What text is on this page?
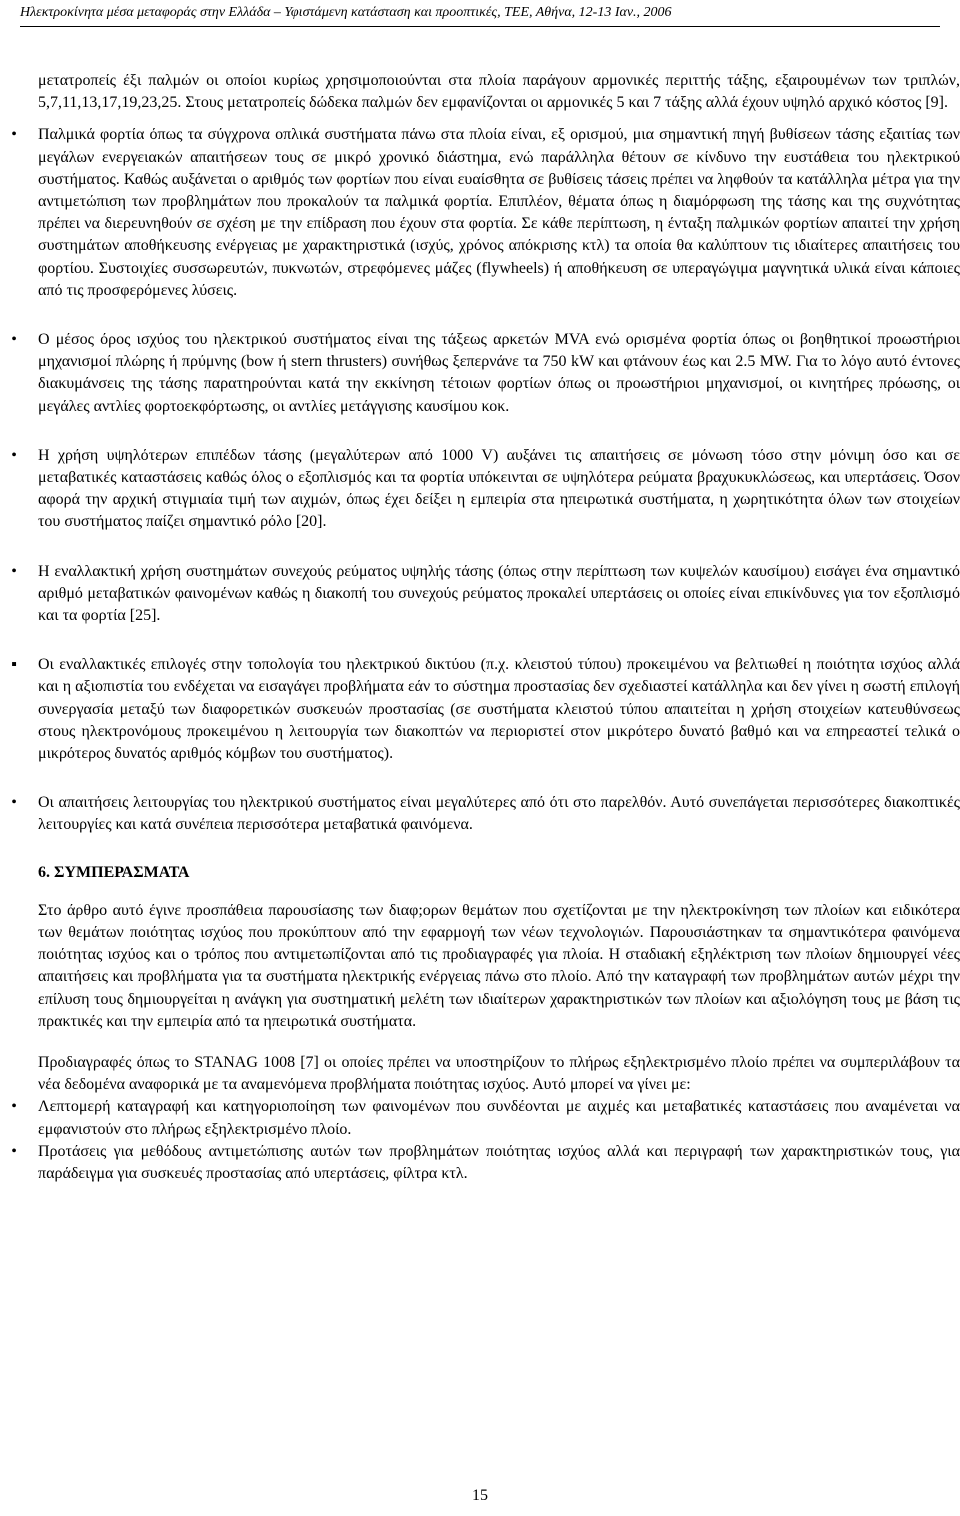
Ηλεκτροκίνητα μέσα μεταφοράς στην Ελλάδα – Υφιστάμενη κατάσταση και προοπτικές, ΤΕΕ, Αθήνα, 12-13 Ιαν., 2006

μετατροπείς έξι παλμών οι οποίοι κυρίως χρησιμοποιούνται στα πλοία παράγουν αρμονικές περιττής τάξης, εξαιρουμένων των τριπλών, 5,7,11,13,17,19,23,25. Στους μετατροπείς δώδεκα παλμών δεν εμφανίζονται οι αρμονικές 5 και 7 τάξης αλλά έχουν υψηλό αρχικό κόστος [9].

•	Παλμικά φορτία όπως τα σύγχρονα οπλικά συστήματα πάνω στα πλοία είναι, εξ ορισμού, μια σημαντική πηγή βυθίσεων τάσης εξαιτίας των μεγάλων ενεργειακών απαιτήσεων τους σε μικρό χρονικό διάστημα, ενώ παράλληλα θέτουν σε κίνδυνο την ευστάθεια του ηλεκτρικού συστήματος. Καθώς αυξάνεται ο αριθμός των φορτίων που είναι ευαίσθητα σε βυθίσεις τάσεις πρέπει να ληφθούν τα κατάλληλα μέτρα για την αντιμετώπιση των προβλημάτων που προκαλούν τα παλμικά φορτία. Επιπλέον, θέματα όπως η διαμόρφωση της τάσης και της συχνότητας πρέπει να διερευνηθούν σε σχέση με την επίδραση που έχουν στα φορτία. Σε κάθε περίπτωση, η ένταξη παλμικών φορτίων απαιτεί την χρήση συστημάτων αποθήκευσης ενέργειας με χαρακτηριστικά (ισχύς, χρόνος απόκρισης κτλ) τα οποία θα καλύπτουν τις ιδιαίτερες απαιτήσεις του φορτίου. Συστοιχίες συσσωρευτών, πυκνωτών, στρεφόμενες μάζες (flywheels) ή αποθήκευση σε υπεραγώγιμα μαγνητικά υλικά είναι κάποιες από τις προσφερόμενες λύσεις.
•	Ο μέσος όρος ισχύος του ηλεκτρικού συστήματος είναι της τάξεως αρκετών MVA ενώ ορισμένα φορτία όπως οι βοηθητικοί προωστήριοι μηχανισμοί πλώρης ή πρύμνης (bow ή stern thrusters) συνήθως ξεπερνάνε τα 750 kW και φτάνουν έως και 2.5 MW. Για το λόγο αυτό έντονες διακυμάνσεις της τάσης παρατηρούνται κατά την εκκίνηση τέτοιων φορτίων όπως οι προωστήριοι μηχανισμοί, οι κινητήρες πρόωσης, οι μεγάλες αντλίες φορτοεκφόρτωσης, οι αντλίες μετάγγισης καυσίμου κοκ.
•	Η χρήση υψηλότερων επιπέδων τάσης (μεγαλύτερων από 1000 V) αυξάνει τις απαιτήσεις σε μόνωση τόσο στην μόνιμη όσο και σε μεταβατικές καταστάσεις καθώς όλος ο εξοπλισμός και τα φορτία υπόκεινται σε υψηλότερα ρεύματα βραχυκυκλώσεως, και υπερτάσεις. Όσον αφορά την αρχική στιγμιαία τιμή των αιχμών, όπως έχει δείξει η εμπειρία στα ηπειρωτικά συστήματα, η χωρητικότητα όλων των στοιχείων του συστήματος παίζει σημαντικό ρόλο [20].
•	Η εναλλακτική χρήση συστημάτων συνεχούς ρεύματος υψηλής τάσης (όπως στην περίπτωση των κυψελών καυσίμου) εισάγει ένα σημαντικό αριθμό μεταβατικών φαινομένων καθώς η διακοπή του συνεχούς ρεύματος προκαλεί υπερτάσεις οι οποίες είναι επικίνδυνες για τον εξοπλισμό και τα φορτία [25].
▪	Οι εναλλακτικές επιλογές στην τοπολογία του ηλεκτρικού δικτύου (π.χ. κλειστού τύπου) προκειμένου να βελτιωθεί η ποιότητα ισχύος αλλά και η αξιοπιστία του ενδέχεται να εισαγάγει προβλήματα εάν το σύστημα προστασίας δεν σχεδιαστεί κατάλληλα και δεν γίνει η σωστή επιλογή συνεργασία μεταξύ των διαφορετικών συσκευών προστασίας (σε συστήματα κλειστού τύπου απαιτείται η χρήση στοιχείων κατευθύνσεως στους ηλεκτρονόμους προκειμένου η λειτουργία των διακοπτών να περιοριστεί στον μικρότερο δυνατό βαθμό και να επηρεαστεί τελικά ο μικρότερος δυνατός αριθμός κόμβων του συστήματος).
•	Οι απαιτήσεις λειτουργίας του ηλεκτρικού συστήματος είναι μεγαλύτερες από ότι στο παρελθόν. Αυτό συνεπάγεται περισσότερες διακοπτικές λειτουργίες και κατά συνέπεια περισσότερα μεταβατικά φαινόμενα.
6. ΣΥΜΠΕΡΑΣΜΑΤΑ

Στο άρθρο αυτό έγινε προσπάθεια παρουσίασης των διαφ;ορων θεμάτων που σχετίζονται με την ηλεκτροκίνηση των πλοίων και ειδικότερα των θεμάτων ποιότητας ισχύος που προκύπτουν από την εφαρμογή των νέων τεχνολογιών. Παρουσιάστηκαν τα σημαντικότερα φαινόμενα ποιότητας ισχύος και ο τρόπος που αντιμετωπίζονται από τις προδιαγραφές για πλοία. Η σταδιακή εξηλέκτριση των πλοίων δημιουργεί νέες απαιτήσεις και προβλήματα για τα συστήματα ηλεκτρικής ενέργειας πάνω στο πλοίο. Από την καταγραφή των προβλημάτων αυτών μέχρι την επίλυση τους δημιουργείται η ανάγκη για συστηματική μελέτη των ιδιαίτερων χαρακτηριστικών των πλοίων και αξιολόγηση τους με βάση τις πρακτικές και την εμπειρία από τα ηπειρωτικά συστήματα.

Προδιαγραφές όπως το STANAG 1008 [7] οι οποίες πρέπει να υποστηρίζουν το πλήρως εξηλεκτρισμένο πλοίο πρέπει να συμπεριλάβουν τα νέα δεδομένα αναφορικά με τα αναμενόμενα προβλήματα ποιότητας ισχύος. Αυτό μπορεί να γίνει με:

•	Λεπτομερή καταγραφή και κατηγοριοποίηση των φαινομένων που συνδέονται με αιχμές και μεταβατικές καταστάσεις που αναμένεται να εμφανιστούν στο πλήρως εξηλεκτρισμένο πλοίο.
•	Προτάσεις για μεθόδους αντιμετώπισης αυτών των προβλημάτων ποιότητας ισχύος αλλά και περιγραφή των χαρακτηριστικών τους, για παράδειγμα για συσκευές προστασίας από υπερτάσεις, φίλτρα κτλ.
15
